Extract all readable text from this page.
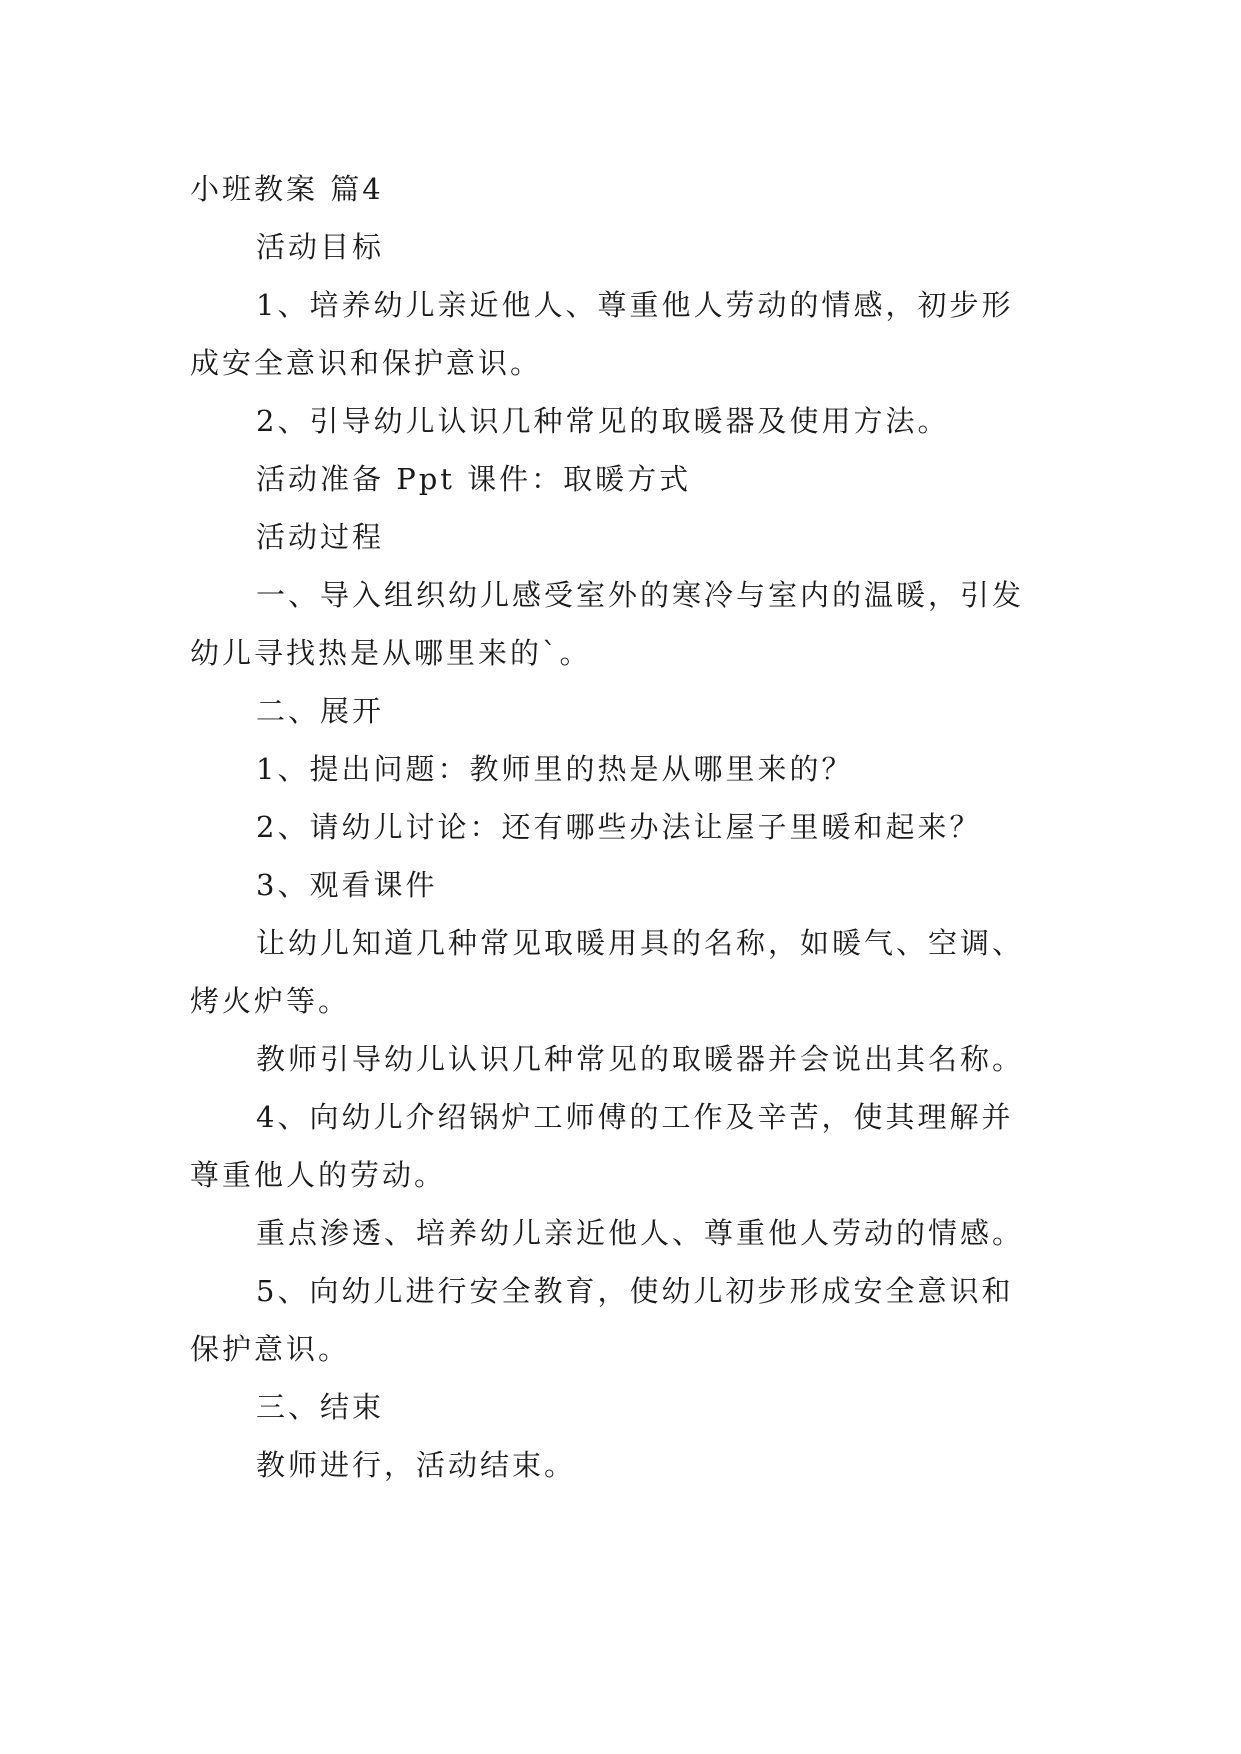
小班教案 篇4
活动目标
1、培养幼儿亲近他人、尊重他人劳动的情感，初步形
成安全意识和保护意识。
2、引导幼儿认识几种常见的取暖器及使用方法。
活动准备 Ppt 课件：取暖方式
活动过程
一、导入组织幼儿感受室外的寒冷与室内的温暖，引发
幼儿寻找热是从哪里来的`。
二、展开
1、提出问题：教师里的热是从哪里来的？
2、请幼儿讨论：还有哪些办法让屋子里暖和起来？
3、观看课件
让幼儿知道几种常见取暖用具的名称，如暖气、空调、
烤火炉等。
教师引导幼儿认识几种常见的取暖器并会说出其名称。
4、向幼儿介绍锅炉工师傅的工作及辛苦，使其理解并
尊重他人的劳动。
重点渗透、培养幼儿亲近他人、尊重他人劳动的情感。
5、向幼儿进行安全教育，使幼儿初步形成安全意识和
保护意识。
三、结束
教师进行，活动结束。
